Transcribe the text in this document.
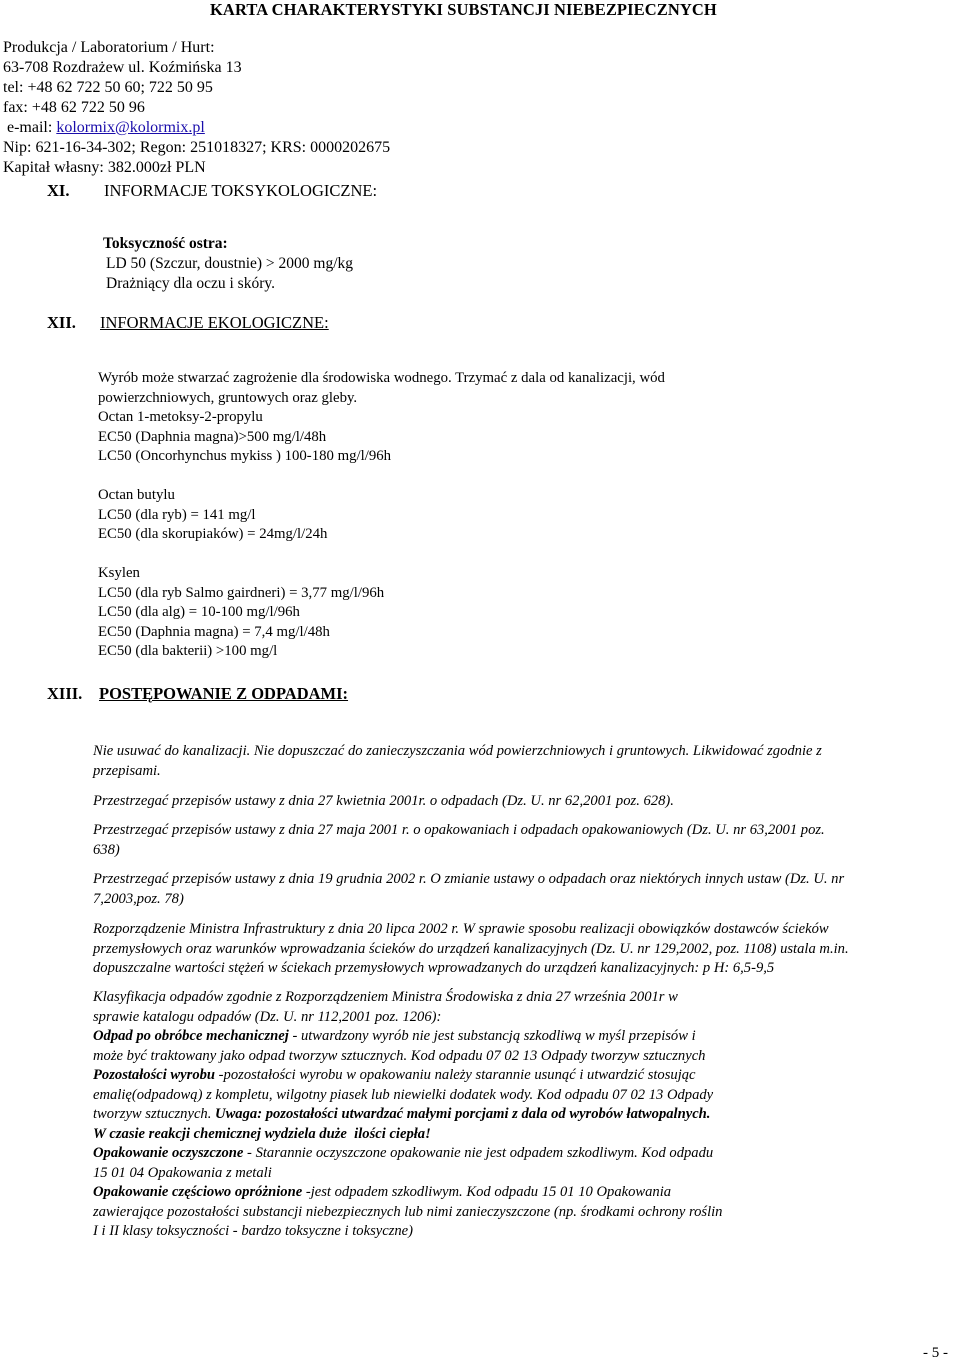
KARTA CHARAKTERYSTYKI SUBSTANCJI NIEBEZPIECZNYCH
Produkcja / Laboratorium / Hurt:
63-708 Rozdrażew ul. Koźmińska 13
tel: +48 62 722 50 60; 722 50 95
fax: +48 62 722 50 96
e-mail: kolormix@kolormix.pl
Nip: 621-16-34-302; Regon: 251018327; KRS: 0000202675
Kapitał własny: 382.000zł PLN
XI. INFORMACJE TOKSYKOLOGICZNE:
Toksyczność ostra:
LD 50 (Szczur, doustnie) > 2000 mg/kg
Drażniący dla oczu i skóry.
XII. INFORMACJE EKOLOGICZNE:
Wyrób może stwarzać zagrożenie dla środowiska wodnego. Trzymać z dala od kanalizacji, wód
powierzchniowych, gruntowych oraz gleby.
Octan 1-metoksy-2-propylu
EC50 (Daphnia magna)>500 mg/l/48h
LC50 (Oncorhynchus mykiss ) 100-180 mg/l/96h
Octan butylu
LC50 (dla ryb) = 141 mg/l
EC50 (dla skorupiaków) = 24mg/l/24h
Ksylen
LC50 (dla ryb Salmo gairdneri) = 3,77 mg/l/96h
LC50 (dla alg) = 10-100 mg/l/96h
EC50 (Daphnia magna) = 7,4 mg/l/48h
EC50 (dla bakterii) >100 mg/l
XIII. POSTĘPOWANIE Z ODPADAMI:

Nie usuwać do kanalizacji. Nie dopuszczać do zanieczyszczania wód powierzchniowych i gruntowych. Likwidować zgodnie z

przepisami.

Przestrzegać przepisów ustawy z dnia 27 kwietnia 2001r. o odpadach (Dz. U. nr 62,2001 poz. 628).

Przestrzegać przepisów ustawy z dnia 27 maja 2001 r. o opakowaniach i odpadach opakowaniowych (Dz. U. nr 63,2001 poz.

638)

Przestrzegać przepisów ustawy z dnia 19 grudnia 2002 r. O zmianie ustawy o odpadach oraz niektórych innych ustaw (Dz. U. nr

7,2003,poz. 78)

Rozporządzenie Ministra Infrastruktury z dnia 20 lipca 2002 r. W sprawie sposobu realizacji obowiązków dostawców ścieków

przemysłowych oraz warunków wprowadzania ścieków do urządzeń kanalizacyjnych (Dz. U. nr 129,2002, poz. 1108) ustala m.in.

dopuszczalne wartości stężeń w ściekach przemysłowych wprowadzanych do urządzeń kanalizacyjnych: p H: 6,5-9,5

Klasyfikacja odpadów zgodnie z Rozporządzeniem Ministra Środowiska z dnia 27 września 2001r w

sprawie katalogu odpadów (Dz. U. nr 112,2001 poz. 1206):

Odpad po obróbce mechanicznej - utwardzony wyrób nie jest substancją szkodliwą w myśl przepisów i

może być traktowany jako odpad tworzyw sztucznych. Kod odpadu 07 02 13 Odpady tworzyw sztucznych

Pozostałości wyrobu -pozostałości wyrobu w opakowaniu należy starannie usunąć i utwardzić stosując

emalię(odpadową) z kompletu, wilgotny piasek lub niewielki dodatek wody. Kod odpadu 07 02 13 Odpady

tworzyw sztucznych. Uwaga: pozostałości utwardzać małymi porcjami z dala od wyrobów łatwopalnych.

W czasie reakcji chemicznej wydziela duże  ilości ciepła!

Opakowanie oczyszczone - Starannie oczyszczone opakowanie nie jest odpadem szkodliwym. Kod odpadu

15 01 04 Opakowania z metali

Opakowanie częściowo opróżnione -jest odpadem szkodliwym. Kod odpadu 15 01 10 Opakowania

zawierające pozostałości substancji niebezpiecznych lub nimi zanieczyszczone (np. środkami ochrony roślin

I i II klasy toksyczności - bardzo toksyczne i toksyczne)

- 5 -
